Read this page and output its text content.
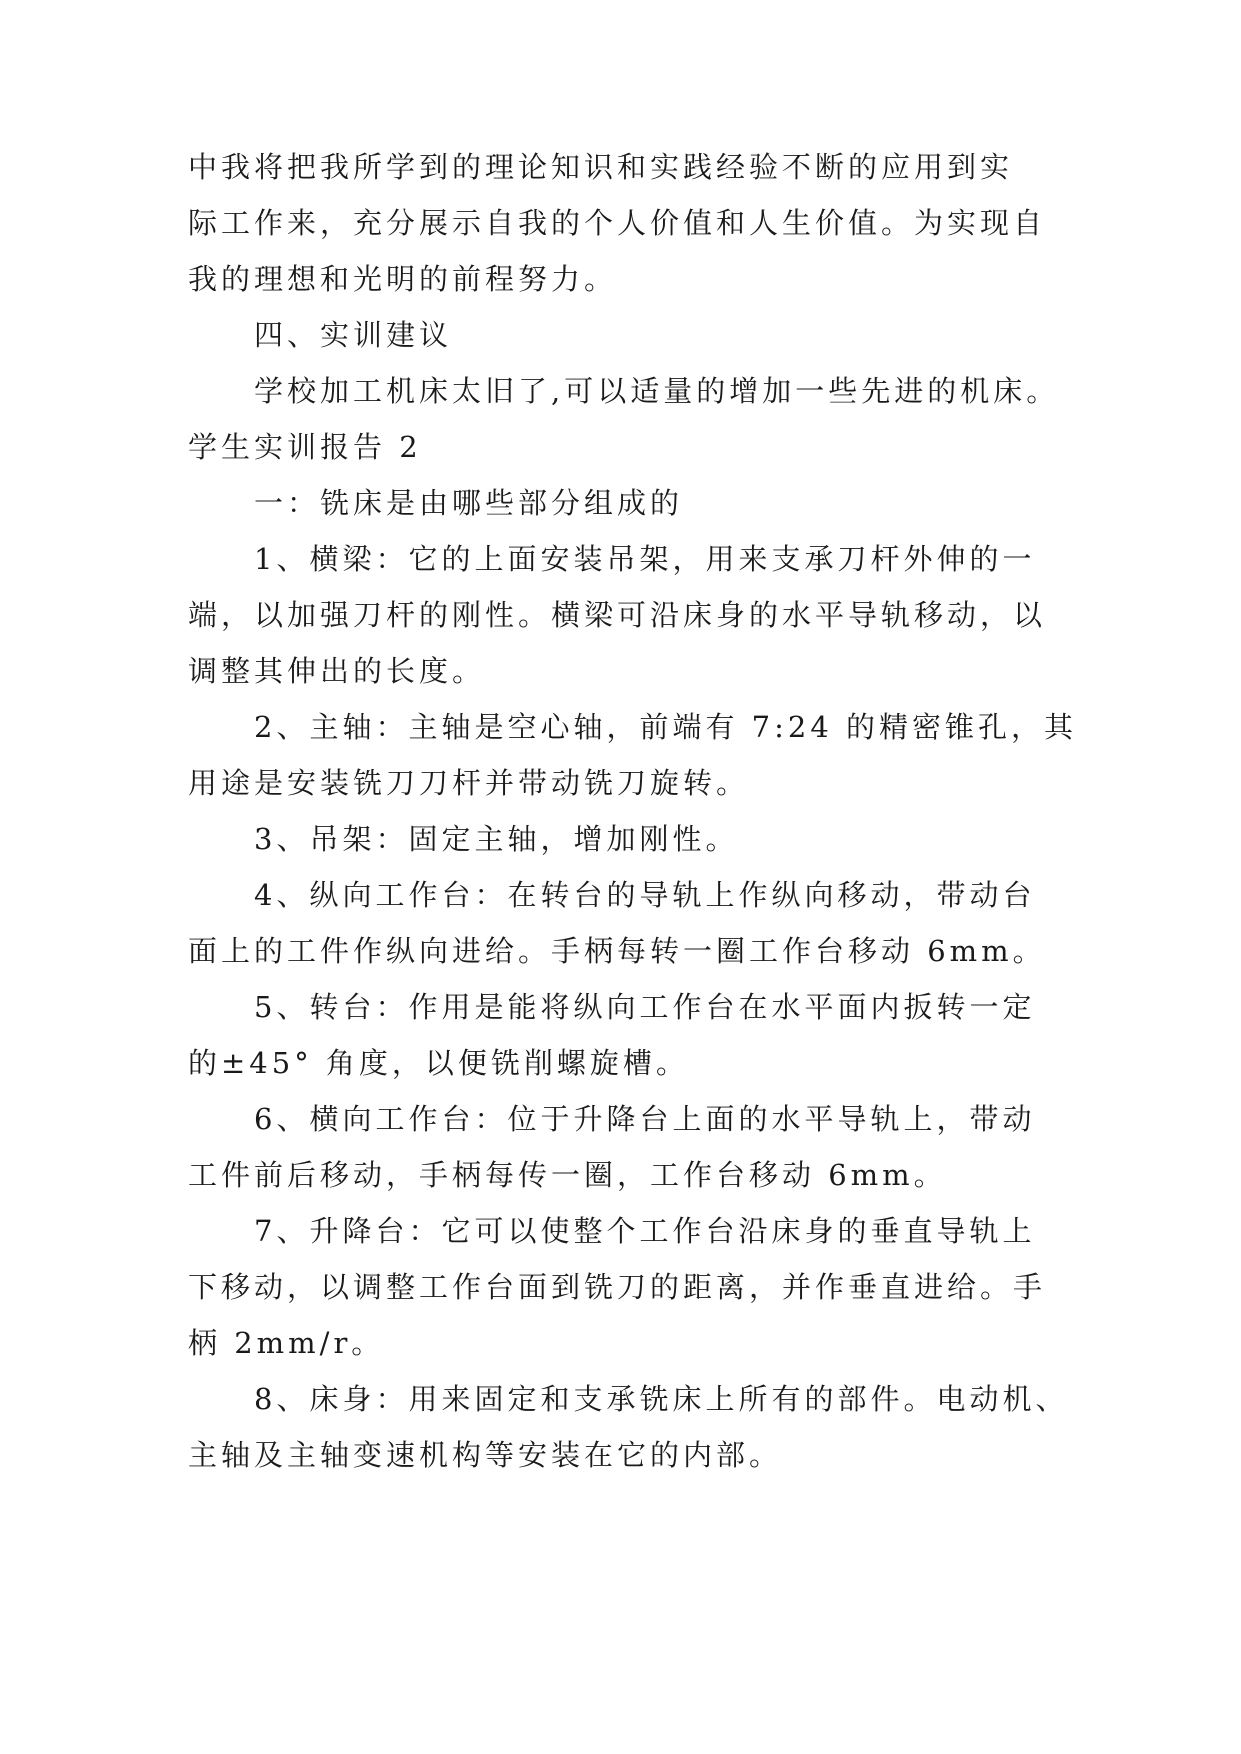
中我将把我所学到的理论知识和实践经验不断的应用到实
际工作来，充分展示自我的个人价值和人生价值。为实现自
我的理想和光明的前程努力。
四、实训建议
学校加工机床太旧了,可以适量的增加一些先进的机床。
学生实训报告 2
一：铣床是由哪些部分组成的
1、横梁：它的上面安装吊架，用来支承刀杆外伸的一
端，以加强刀杆的刚性。横梁可沿床身的水平导轨移动，以
调整其伸出的长度。
2、主轴：主轴是空心轴，前端有 7:24 的精密锥孔，其
用途是安装铣刀刀杆并带动铣刀旋转。
3、吊架：固定主轴，增加刚性。
4、纵向工作台：在转台的导轨上作纵向移动，带动台
面上的工件作纵向进给。手柄每转一圈工作台移动 6mm。
5、转台：作用是能将纵向工作台在水平面内扳转一定
的±45° 角度，以便铣削螺旋槽。
6、横向工作台：位于升降台上面的水平导轨上，带动
工件前后移动，手柄每传一圈，工作台移动 6mm。
7、升降台：它可以使整个工作台沿床身的垂直导轨上
下移动，以调整工作台面到铣刀的距离，并作垂直进给。手
柄 2mm/r。
8、床身：用来固定和支承铣床上所有的部件。电动机、
主轴及主轴变速机构等安装在它的内部。
